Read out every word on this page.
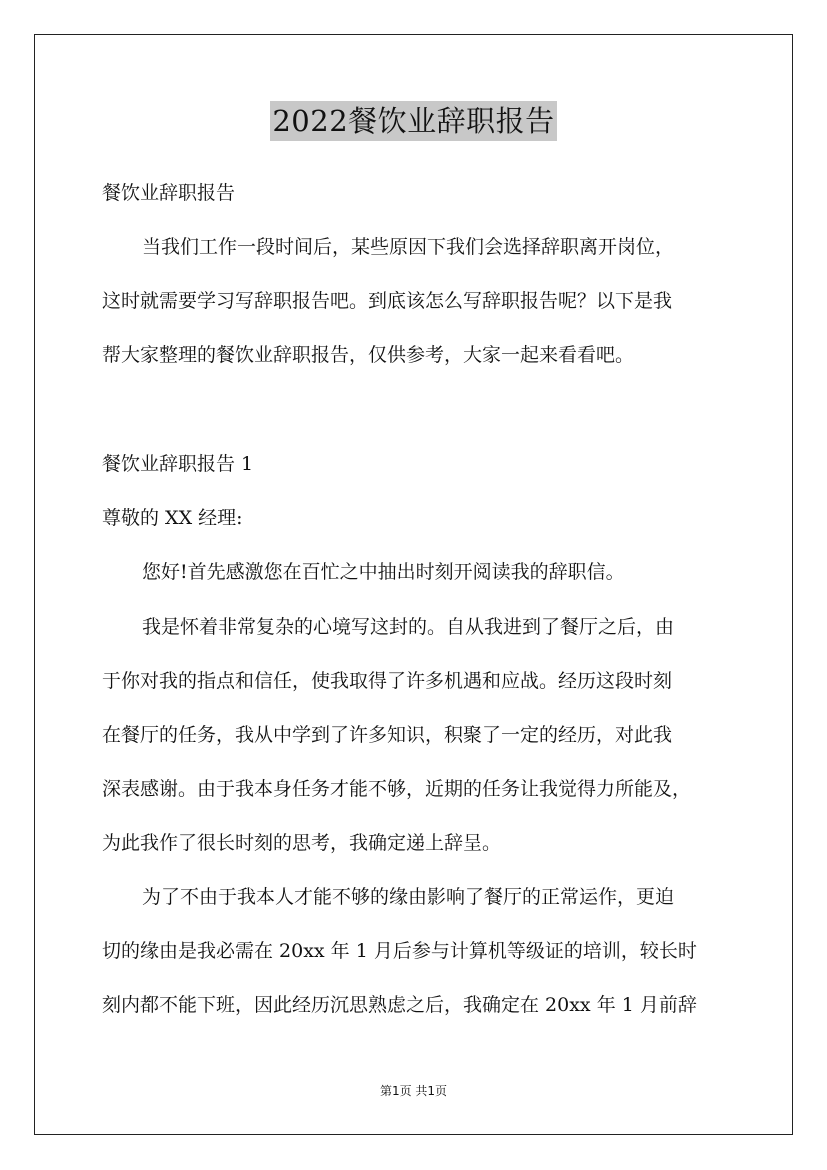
2022餐饮业辞职报告
餐饮业辞职报告
当我们工作一段时间后，某些原因下我们会选择辞职离开岗位，
这时就需要学习写辞职报告吧。到底该怎么写辞职报告呢？以下是我
帮大家整理的餐饮业辞职报告，仅供参考，大家一起来看看吧。
餐饮业辞职报告 1
尊敬的 XX 经理:
您好!首先感激您在百忙之中抽出时刻开阅读我的辞职信。
我是怀着非常复杂的心境写这封的。自从我进到了餐厅之后，由
于你对我的指点和信任，使我取得了许多机遇和应战。经历这段时刻
在餐厅的任务，我从中学到了许多知识，积聚了一定的经历，对此我
深表感谢。由于我本身任务才能不够，近期的任务让我觉得力所能及，
为此我作了很长时刻的思考，我确定递上辞呈。
为了不由于我本人才能不够的缘由影响了餐厅的正常运作，更迫
切的缘由是我必需在 20xx 年 1 月后参与计算机等级证的培训，较长时
刻内都不能下班，因此经历沉思熟虑之后，我确定在 20xx 年 1 月前辞
第1页 共1页
